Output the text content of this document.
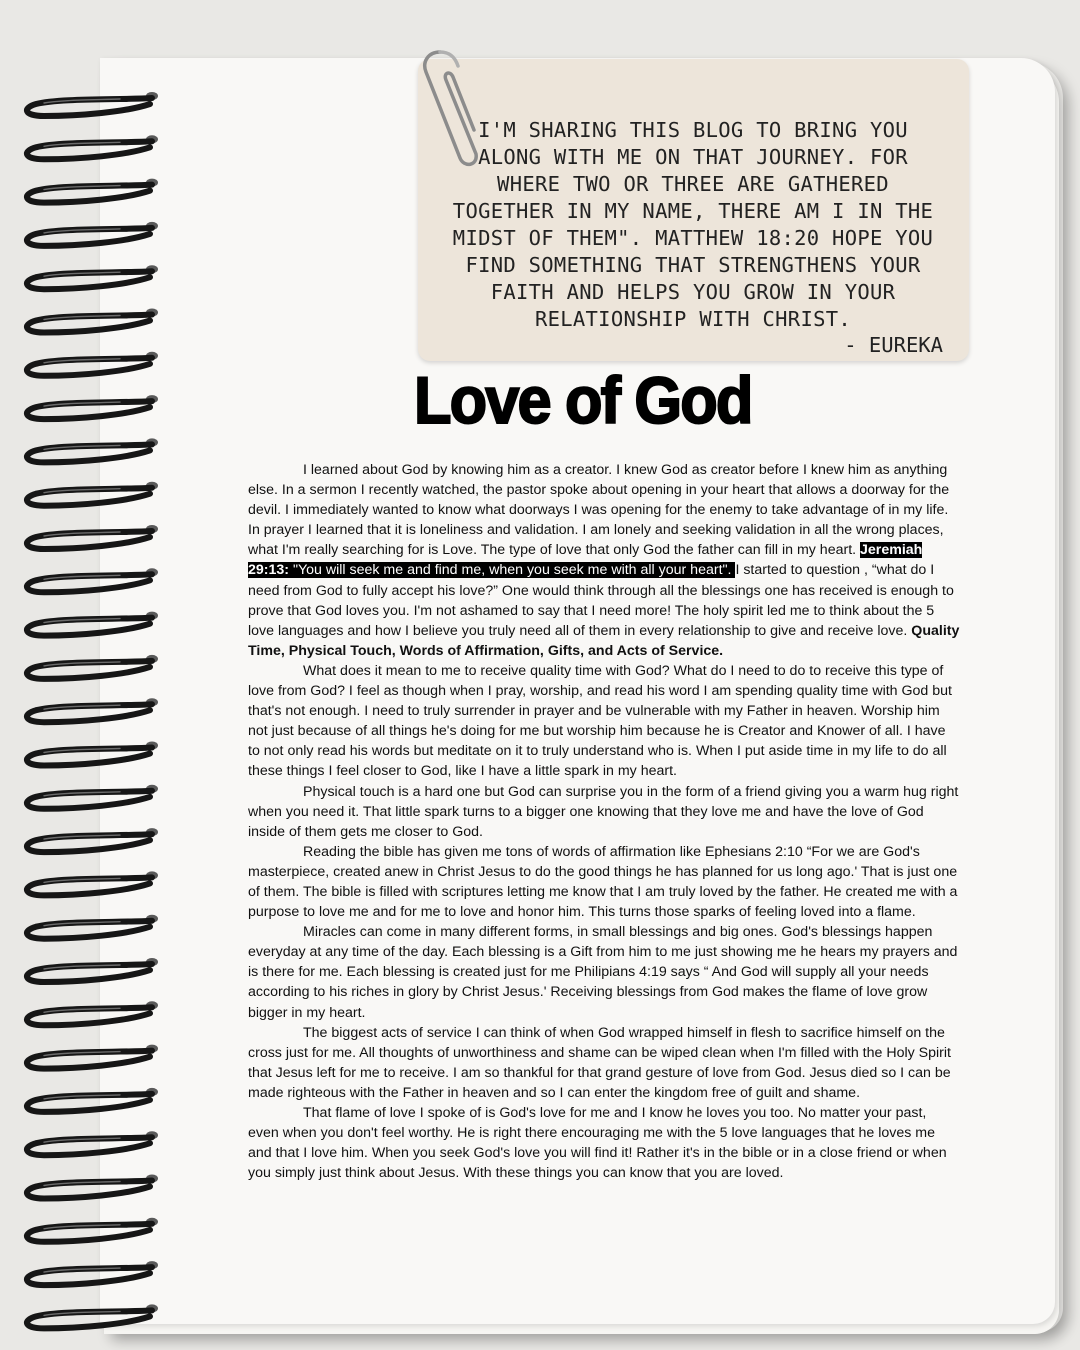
I'M SHARING THIS BLOG TO BRING YOU ALONG WITH ME ON THAT JOURNEY. FOR WHERE TWO OR THREE ARE GATHERED TOGETHER IN MY NAME, THERE AM I IN THE MIDST OF THEM". MATTHEW 18:20 HOPE YOU FIND SOMETHING THAT STRENGTHENS YOUR FAITH AND HELPS YOU GROW IN YOUR RELATIONSHIP WITH CHRIST.

- EUREKA
Love of God

I learned about God by knowing him as a creator. I knew God as creator before I knew him as anything else. In a sermon I recently watched, the pastor spoke about opening in your heart that allows a doorway for the devil. I immediately wanted to know what doorways I was opening for the enemy to take advantage of in my life. In prayer I learned that it is loneliness and validation. I am lonely and seeking validation in all the wrong places, what I'm really searching for is Love. The type of love that only God the father can fill in my heart. Jeremiah 29:13: "You will seek me and find me, when you seek me with all your heart". I started to question , “what do I need from God to fully accept his love?” One would think through all the blessings one has received is enough to prove that God loves you. I'm not ashamed to say that I need more! The holy spirit led me to think about the 5 love languages and how I believe you truly need all of them in every relationship to give and receive love. Quality Time, Physical Touch, Words of Affirmation, Gifts, and Acts of Service.

What does it mean to me to receive quality time with God? What do I need to do to receive this type of love from God? I feel as though when I pray, worship, and read his word I am spending quality time with God but that's not enough. I need to truly surrender in prayer and be vulnerable with my Father in heaven. Worship him not just because of all things he's doing for me but worship him because he is Creator and Knower of all. I have to not only read his words but meditate on it to truly understand who is. When I put aside time in my life to do all these things I feel closer to God, like I have a little spark in my heart.

Physical touch is a hard one but God can surprise you in the form of a friend giving you a warm hug right when you need it. That little spark turns to a bigger one knowing that they love me and have the love of God inside of them gets me closer to God.

Reading the bible has given me tons of words of affirmation like Ephesians 2:10 “For we are God's masterpiece, created anew in Christ Jesus to do the good things he has planned for us long ago.' That is just one of them. The bible is filled with scriptures letting me know that I am truly loved by the father. He created me with a purpose to love me and for me to love and honor him. This turns those sparks of feeling loved into a flame.

Miracles can come in many different forms, in small blessings and big ones. God's blessings happen everyday at any time of the day. Each blessing is a Gift from him to me just showing me he hears my prayers and is there for me. Each blessing is created just for me Philipians 4:19 says “ And God will supply all your needs according to his riches in glory by Christ Jesus.' Receiving blessings from God makes the flame of love grow bigger in my heart.

The biggest acts of service I can think of when God wrapped himself in flesh to sacrifice himself on the cross just for me. All thoughts of unworthiness and shame can be wiped clean when I'm filled with the Holy Spirit that Jesus left for me to receive. I am so thankful for that grand gesture of love from God. Jesus died so I can be made righteous with the Father in heaven and so I can enter the kingdom free of guilt and shame.

That flame of love I spoke of is God's love for me and I know he loves you too. No matter your past, even when you don't feel worthy. He is right there encouraging me with the 5 love languages that he loves me and that I love him. When you seek God's love you will find it! Rather it's in the bible or in a close friend or when you simply just think about Jesus. With these things you can know that you are loved.
